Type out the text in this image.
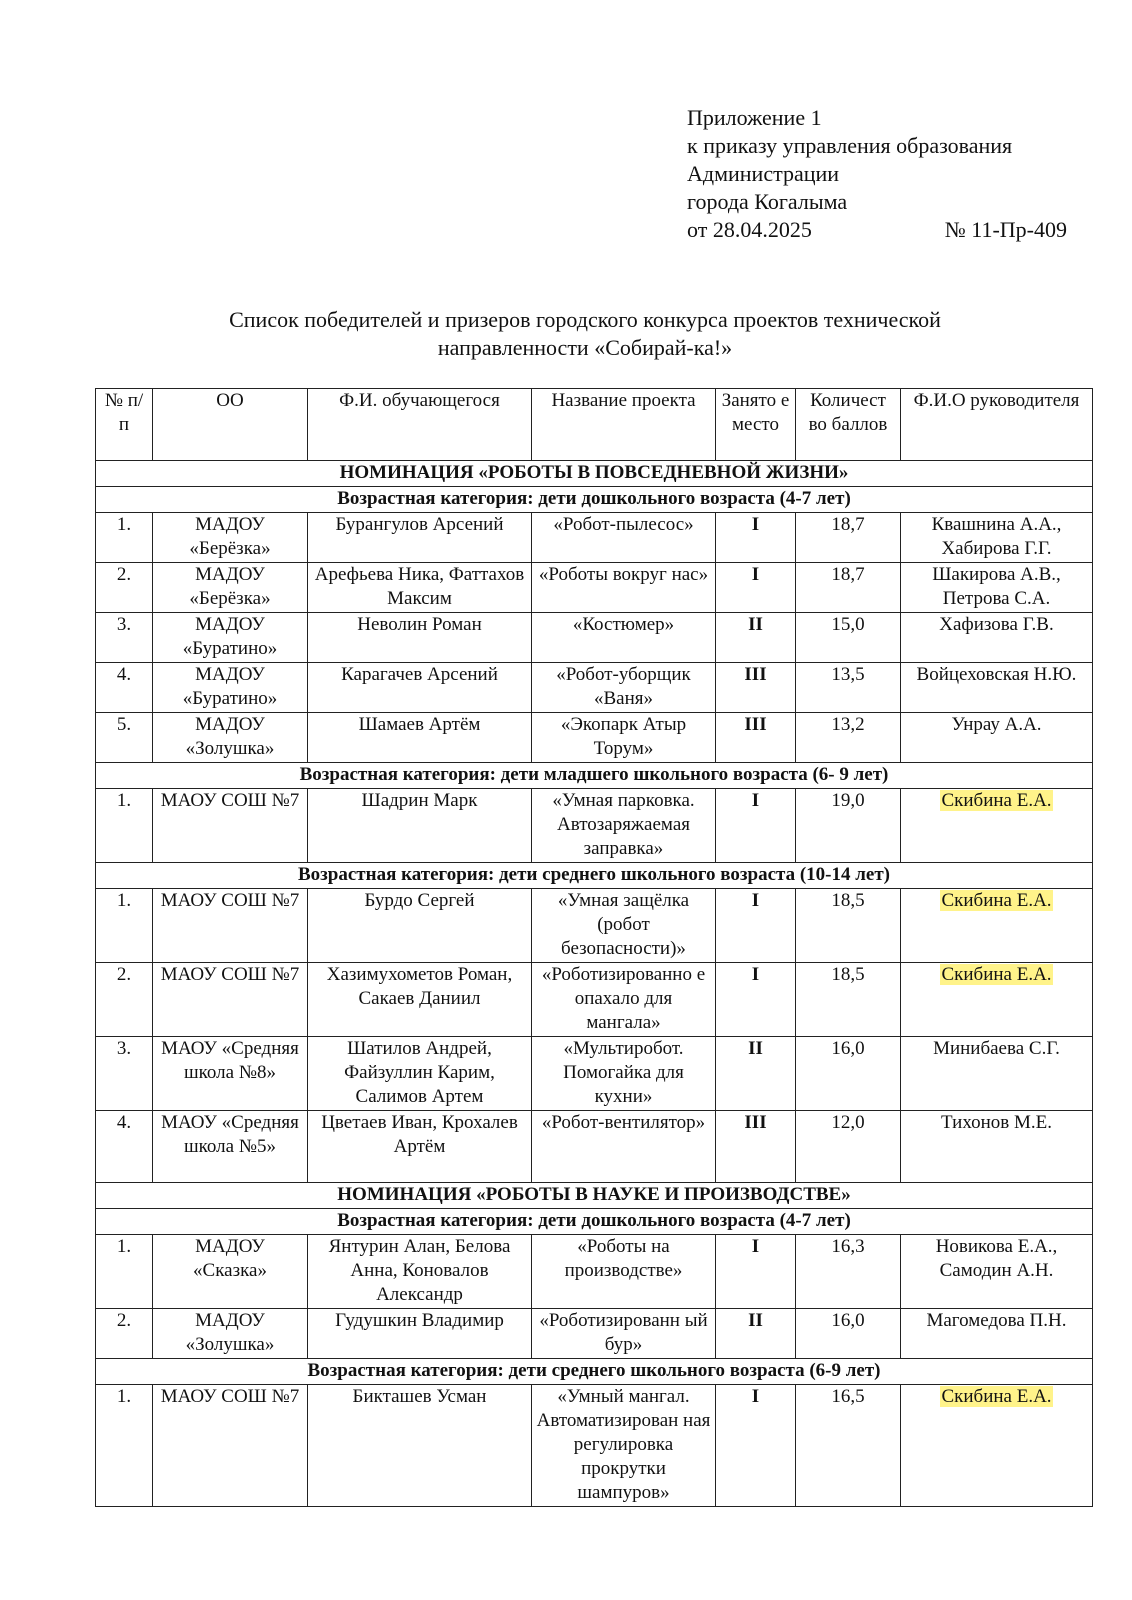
Приложение 1
к приказу управления образования
Администрации
города Когалыма
от 28.04.2025	№ 11-Пр-409
Список победителей и призеров городского конкурса проектов технической
направленности «Собирай-ка!»
№ п/п	ОО	Ф.И. обучающегося	Название проекта	Занято е место	Количест во баллов	Ф.И.О руководителя
НОМИНАЦИЯ «РОБОТЫ В ПОВСЕДНЕВНОЙ ЖИЗНИ»						
Возрастная категория: дети дошкольного возраста (4-7 лет)						
1.	МАДОУ «Берёзка»	Бурангулов Арсений	«Робот-пылесос»	I	18,7	Квашнина А.А., Хабирова Г.Г.
2.	МАДОУ «Берёзка»	Арефьева Ника, Фаттахов Максим	«Роботы вокруг нас»	I	18,7	Шакирова А.В., Петрова С.А.
3.	МАДОУ «Буратино»	Неволин Роман	«Костюмер»	II	15,0	Хафизова Г.В.
4.	МАДОУ «Буратино»	Карагачев Арсений	«Робот-уборщик «Ваня»	III	13,5	Войцеховская Н.Ю.
5.	МАДОУ «Золушка»	Шамаев Артём	«Экопарк Атыр Торум»	III	13,2	Унрау А.А.
Возрастная категория: дети младшего школьного возраста (6- 9 лет)						
1.	МАОУ СОШ №7	Шадрин Марк	«Умная парковка. Автозаряжаемая заправка»	I	19,0	Скибина Е.А.
Возрастная категория: дети среднего школьного возраста (10-14 лет)						
1.	МАОУ СОШ №7	Бурдо Сергей	«Умная защёлка (робот безопасности)»	I	18,5	Скибина Е.А.
2.	МАОУ СОШ №7	Хазимухометов Роман, Сакаев Даниил	«Роботизированно е опахало для мангала»	I	18,5	Скибина Е.А.
3.	МАОУ «Средняя школа №8»	Шатилов Андрей, Файзуллин Карим, Салимов Артем	«Мультиробот. Помогайка для кухни»	II	16,0	Минибаева С.Г.
4.	МАОУ «Средняя школа №5»	Цветаев Иван, Крохалев Артём	«Робот-вентилятор»	III	12,0	Тихонов М.Е.
НОМИНАЦИЯ «РОБОТЫ В НАУКЕ И ПРОИЗВОДСТВЕ»						
Возрастная категория: дети дошкольного возраста (4-7 лет)						
1.	МАДОУ «Сказка»	Янтурин Алан, Белова Анна, Коновалов Александр	«Роботы на производстве»	I	16,3	Новикова Е.А., Самодин А.Н.
2.	МАДОУ «Золушка»	Гудушкин Владимир	«Роботизированн ый бур»	II	16,0	Магомедова П.Н.
Возрастная категория: дети среднего школьного возраста (6-9 лет)						
1.	МАОУ СОШ №7	Бикташев Усман	«Умный мангал. Автоматизирован ная регулировка прокрутки шампуров»	I	16,5	Скибина Е.А.
